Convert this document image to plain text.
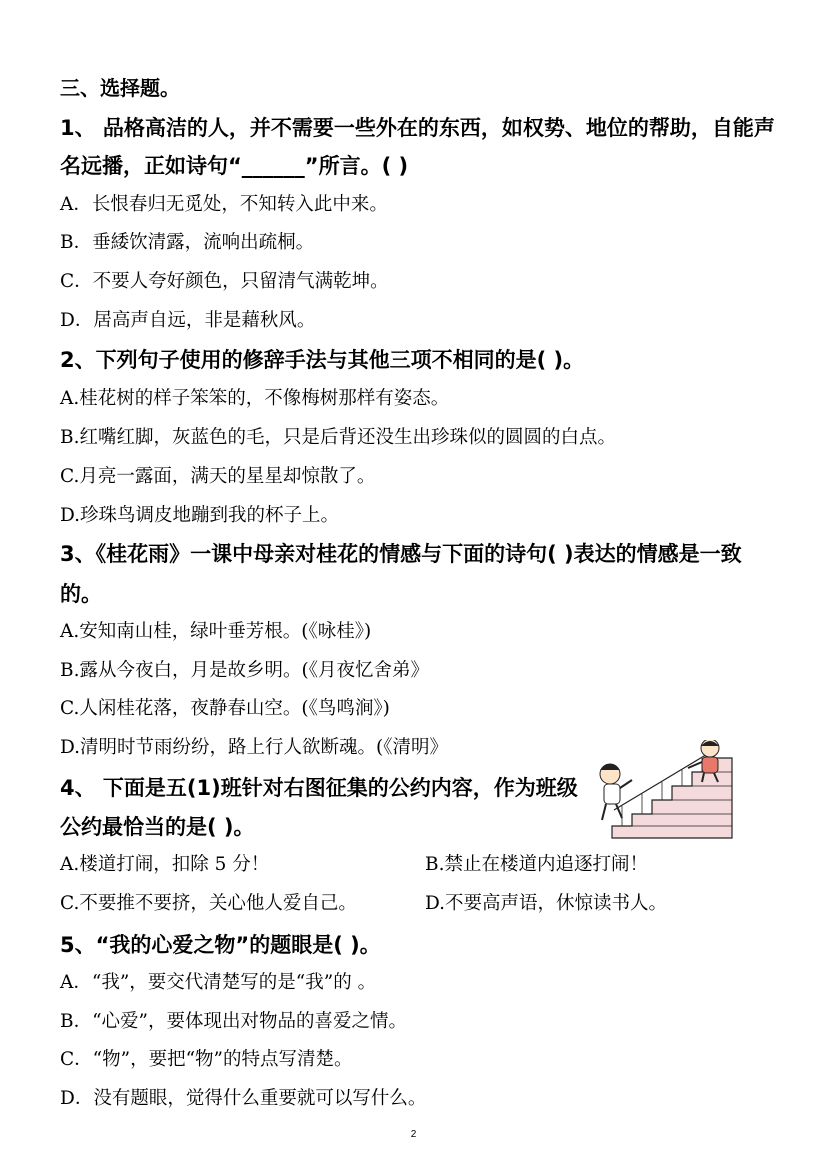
三、选择题。
1、 品格高洁的人，并不需要一些外在的东西，如权势、地位的帮助，自能声
名远播，正如诗句“______”所言。( )
A．长恨春归无觅处，不知转入此中来。
B．垂緌饮清露，流响出疏桐。
C．不要人夸好颜色，只留清气满乾坤。
D．居高声自远，非是藉秋风。
2、下列句子使用的修辞手法与其他三项不相同的是( )。
A.桂花树的样子笨笨的，不像梅树那样有姿态。
B.红嘴红脚，灰蓝色的毛，只是后背还没生出珍珠似的圆圆的白点。
C.月亮一露面，满天的星星却惊散了。
D.珍珠鸟调皮地蹦到我的杯子上。
3、《桂花雨》一课中母亲对桂花的情感与下面的诗句( )表达的情感是一致
的。
A.安知南山桂，绿叶垂芳根。(《咏桂》)
B.露从今夜白，月是故乡明。(《月夜忆舍弟》
C.人闲桂花落，夜静春山空。(《鸟鸣涧》)
D.清明时节雨纷纷，路上行人欲断魂。(《清明》
4、 下面是五(1)班针对右图征集的公约内容，作为班级
公约最恰当的是( )。
A.楼道打闹，扣除 5 分！	B.禁止在楼道内追逐打闹！
C.不要推不要挤，关心他人爱自己。	D.不要高声语，休惊读书人。
5、“我的心爱之物”的题眼是( )。
A．“我”，要交代清楚写的是“我”的 。
B．“心爱”，要体现出对物品的喜爱之情。
C．“物”，要把“物”的特点写清楚。
D．没有题眼，觉得什么重要就可以写什么。
2
